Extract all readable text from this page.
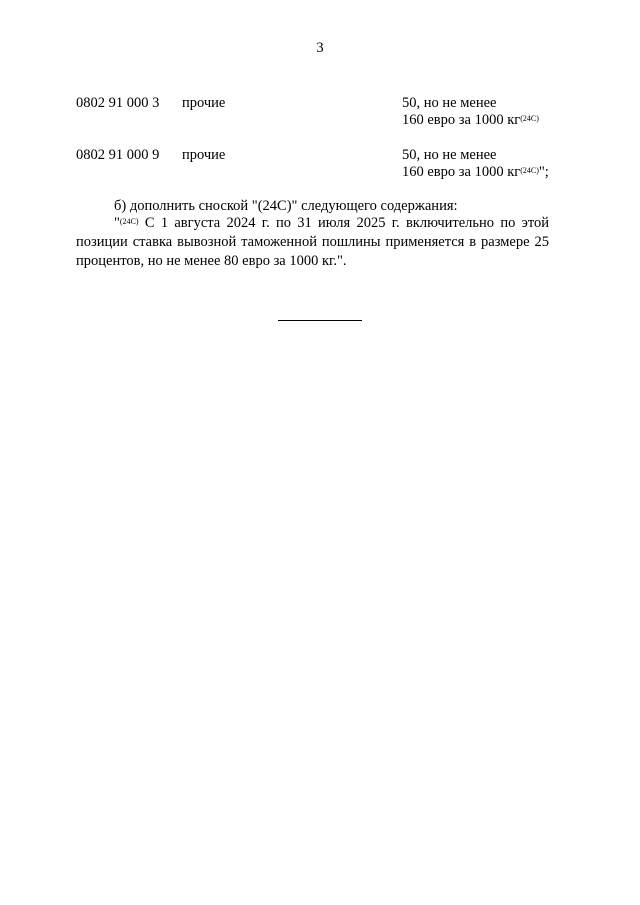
3
0802 91 000 3 прочие	50, но не менее
160 евро за 1000 $кг^{(24С)}$
0802 91 000 9 прочие	50, но не менее
160 евро за 1000 $кг^{(24С)}$";
б) дополнить сноской "(24С)" следующего содержания:
"$^{(24С)}$ С 1 августа 2024 г. по 31 июля 2025 г. включительно по этой позиции ставка вывозной таможенной пошлины применяется в размере 25 процентов, но не менее 80 евро за 1000 кг.".
